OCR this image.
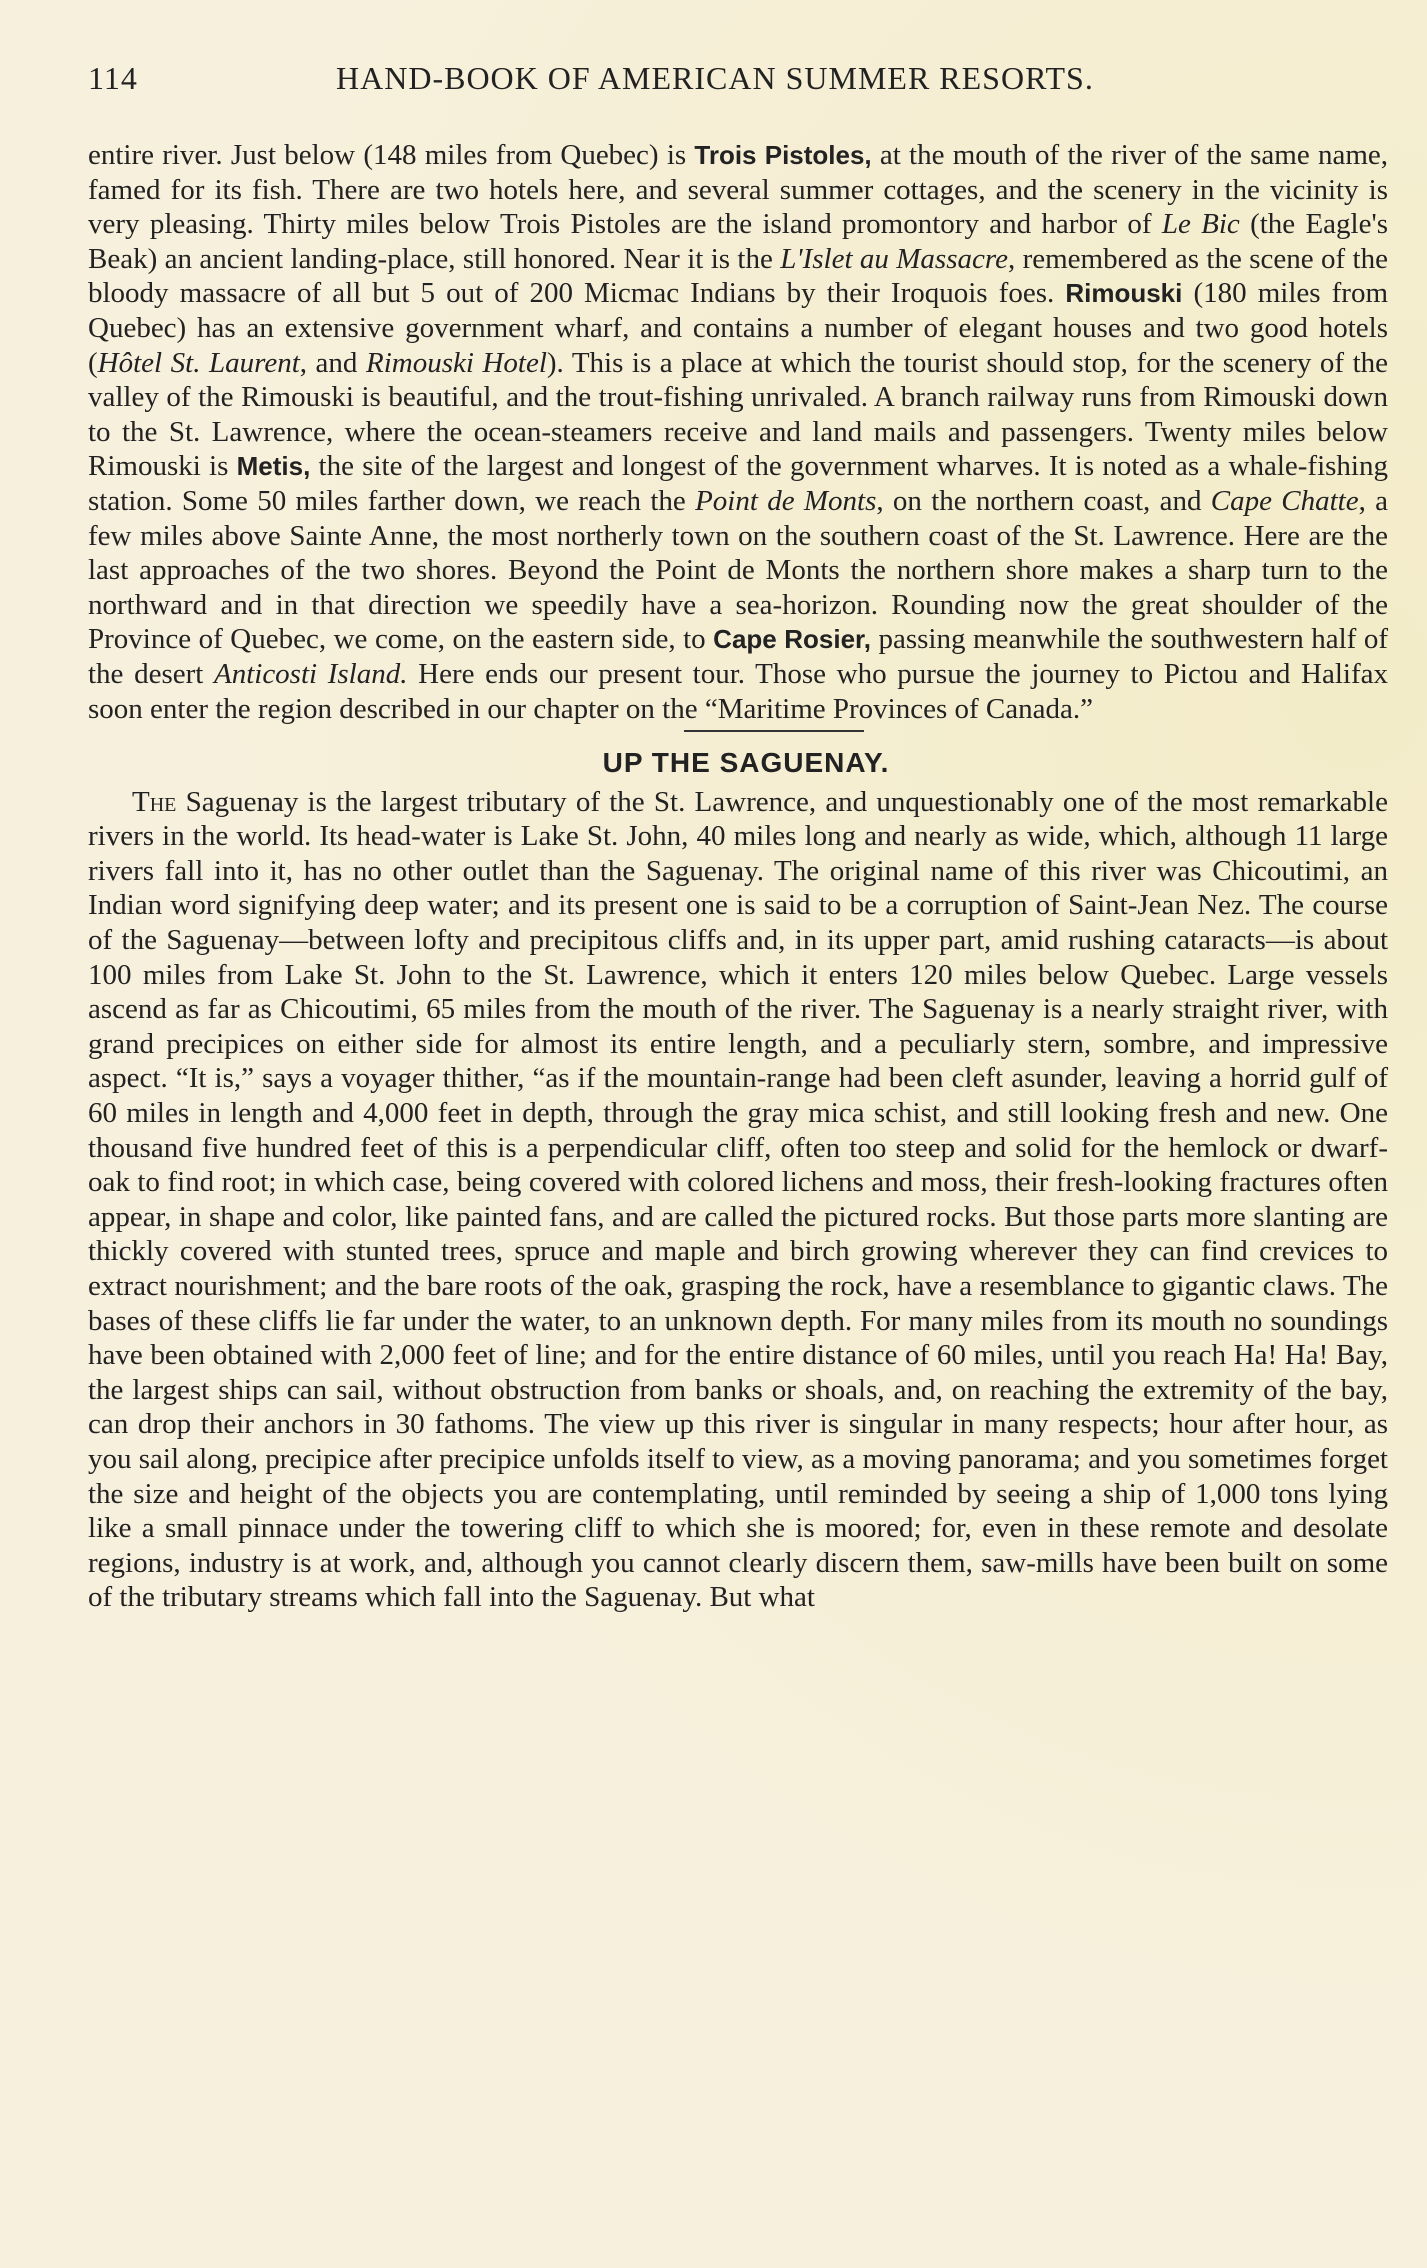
114	HAND-BOOK OF AMERICAN SUMMER RESORTS.

entire river. Just below (148 miles from Quebec) is Trois Pistoles, at the mouth of the river of the same name, famed for its fish. There are two hotels here, and several summer cottages, and the scenery in the vicinity is very pleasing. Thirty miles below Trois Pistoles are the island promontory and harbor of Le Bic (the Eagle's Beak) an ancient landing-place, still honored. Near it is the L'Islet au Massacre, remembered as the scene of the bloody massacre of all but 5 out of 200 Micmac Indians by their Iroquois foes. Rimouski (180 miles from Quebec) has an extensive government wharf, and contains a number of elegant houses and two good hotels (Hôtel St. Laurent, and Rimouski Hotel). This is a place at which the tourist should stop, for the scenery of the valley of the Rimouski is beautiful, and the trout-fishing unrivaled. A branch railway runs from Rimouski down to the St. Lawrence, where the ocean-steamers receive and land mails and passengers. Twenty miles below Rimouski is Metis, the site of the largest and longest of the government wharves. It is noted as a whale-fishing station. Some 50 miles farther down, we reach the Point de Monts, on the northern coast, and Cape Chatte, a few miles above Sainte Anne, the most northerly town on the southern coast of the St. Lawrence. Here are the last approaches of the two shores. Beyond the Point de Monts the northern shore makes a sharp turn to the northward and in that direction we speedily have a sea-horizon. Rounding now the great shoulder of the Province of Quebec, we come, on the eastern side, to Cape Rosier, passing meanwhile the southwestern half of the desert Anticosti Island. Here ends our present tour. Those who pursue the journey to Pictou and Halifax soon enter the region described in our chapter on the “Maritime Provinces of Canada.”

UP THE SAGUENAY.

The Saguenay is the largest tributary of the St. Lawrence, and unquestionably one of the most remarkable rivers in the world. Its head-water is Lake St. John, 40 miles long and nearly as wide, which, although 11 large rivers fall into it, has no other outlet than the Saguenay. The original name of this river was Chicoutimi, an Indian word signifying deep water; and its present one is said to be a corruption of Saint-Jean Nez. The course of the Saguenay—between lofty and precipitous cliffs and, in its upper part, amid rushing cataracts—is about 100 miles from Lake St. John to the St. Lawrence, which it enters 120 miles below Quebec. Large vessels ascend as far as Chicoutimi, 65 miles from the mouth of the river. The Saguenay is a nearly straight river, with grand precipices on either side for almost its entire length, and a peculiarly stern, sombre, and impressive aspect. “It is,” says a voyager thither, “as if the mountain-range had been cleft asunder, leaving a horrid gulf of 60 miles in length and 4,000 feet in depth, through the gray mica schist, and still looking fresh and new. One thousand five hundred feet of this is a perpendicular cliff, often too steep and solid for the hemlock or dwarf-oak to find root; in which case, being covered with colored lichens and moss, their fresh-looking fractures often appear, in shape and color, like painted fans, and are called the pictured rocks. But those parts more slanting are thickly covered with stunted trees, spruce and maple and birch growing wherever they can find crevices to extract nourishment; and the bare roots of the oak, grasping the rock, have a resemblance to gigantic claws. The bases of these cliffs lie far under the water, to an unknown depth. For many miles from its mouth no soundings have been obtained with 2,000 feet of line; and for the entire distance of 60 miles, until you reach Ha! Ha! Bay, the largest ships can sail, without obstruction from banks or shoals, and, on reaching the extremity of the bay, can drop their anchors in 30 fathoms. The view up this river is singular in many respects; hour after hour, as you sail along, precipice after precipice unfolds itself to view, as a moving panorama; and you sometimes forget the size and height of the objects you are contemplating, until reminded by seeing a ship of 1,000 tons lying like a small pinnace under the towering cliff to which she is moored; for, even in these remote and desolate regions, industry is at work, and, although you cannot clearly discern them, saw-mills have been built on some of the tributary streams which fall into the Saguenay. But what
